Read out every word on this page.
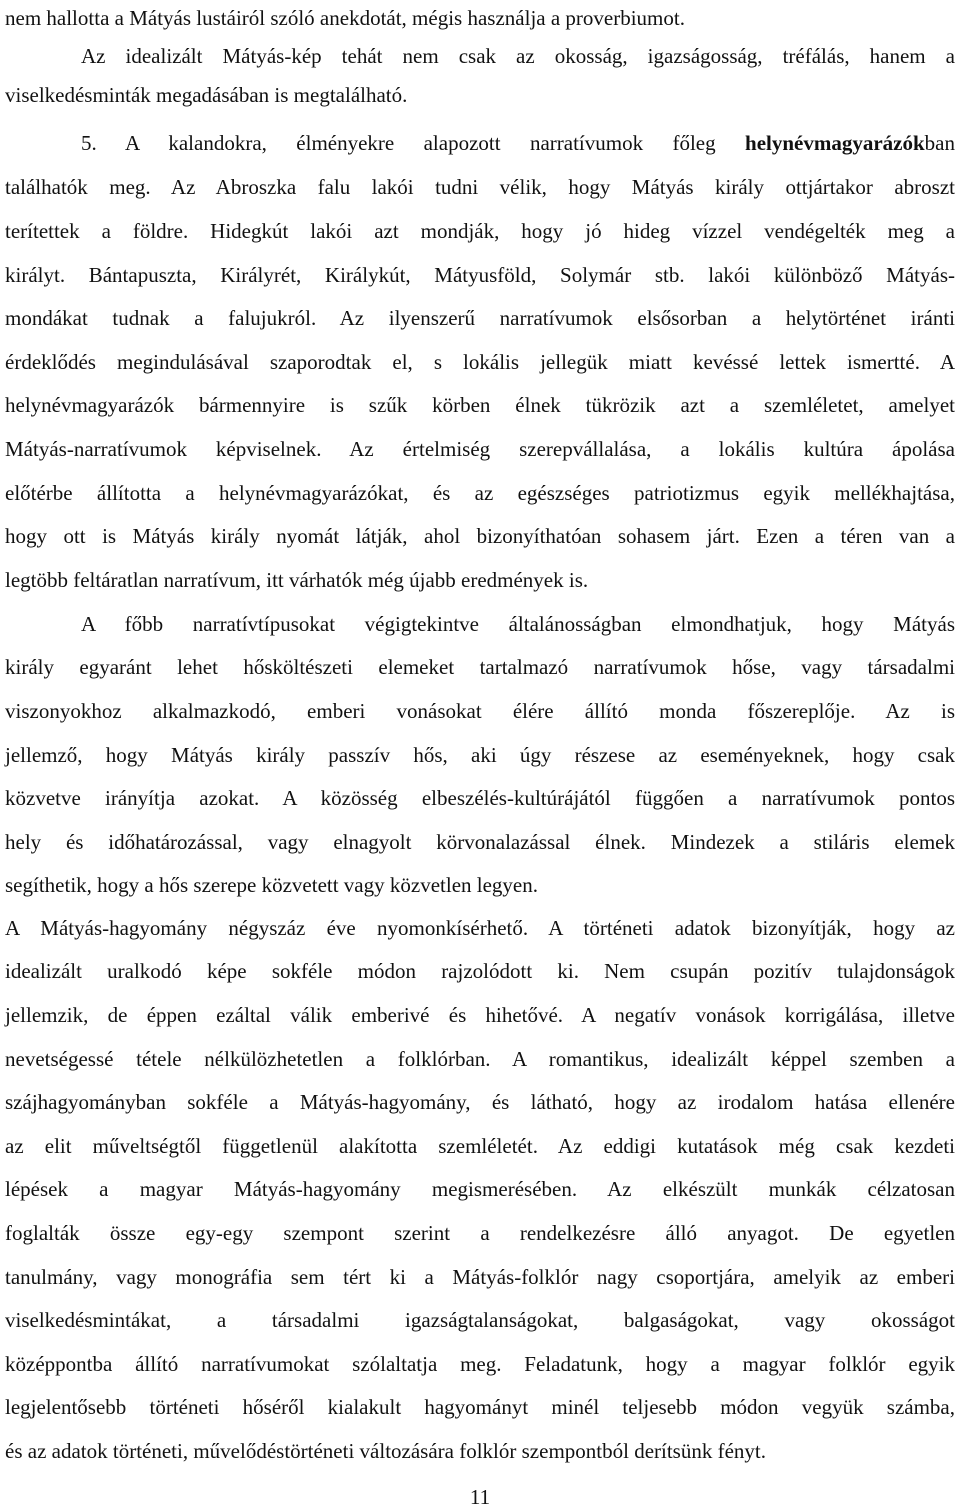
nem hallotta a Mátyás lustáiról szóló anekdotát, mégis használja a proverbiumot.
Az idealizált Mátyás-kép tehát nem csak az okosság, igazságosság, tréfálás, hanem a
viselkedésminták megadásában is megtalálható.
5. A kalandokra, élményekre alapozott narratívumok főleg helynévmagyarázókban
találhatók meg. Az Abroszka falu lakói tudni vélik, hogy Mátyás király ottjártakor abroszt
terítettek a földre. Hidegkút lakói azt mondják, hogy jó hideg vízzel vendégelték meg a
királyt. Bántapuszta, Királyrét, Királykút, Mátyusföld, Solymár stb. lakói különböző Mátyás-
mondákat tudnak a falujukról. Az ilyenszerű narratívumok elsősorban a helytörténet iránti
érdeklődés megindulásával szaporodtak el, s lokális jellegük miatt kevéssé lettek ismertté. A
helynévmagyarázók bármennyire is szűk körben élnek tükrözik azt a szemléletet, amelyet
Mátyás-narratívumok képviselnek. Az értelmiség szerepvállalása, a lokális kultúra ápolása
előtérbe állította a helynévmagyarázókat, és az egészséges patriotizmus egyik mellékhajtása,
hogy ott is Mátyás király nyomát látják, ahol bizonyíthatóan sohasem járt. Ezen a téren van a
legtöbb feltáratlan narratívum, itt várhatók még újabb eredmények is.
A főbb narratívtípusokat végigtekintve általánosságban elmondhatjuk, hogy Mátyás
király egyaránt lehet hősköltészeti elemeket tartalmazó narratívumok hőse, vagy társadalmi
viszonyokhoz alkalmazkodó, emberi vonásokat élére állító monda főszereplője. Az is
jellemző, hogy Mátyás király passzív hős, aki úgy részese az eseményeknek, hogy csak
közvetve irányítja azokat. A közösség elbeszélés-kultúrájától függően a narratívumok pontos
hely és időhatározással, vagy elnagyolt körvonalazással élnek. Mindezek a stiláris elemek
segíthetik, hogy a hős szerepe közvetett vagy közvetlen legyen.
A Mátyás-hagyomány négyszáz éve nyomonkísérhető. A történeti adatok bizonyítják, hogy az
idealizált uralkodó képe sokféle módon rajzolódott ki. Nem csupán pozitív tulajdonságok
jellemzik, de éppen ezáltal válik emberivé és hihetővé. A negatív vonások korrigálása, illetve
nevetségessé tétele nélkülözhetetlen a folklórban. A romantikus, idealizált képpel szemben a
szájhagyományban sokféle a Mátyás-hagyomány, és látható, hogy az irodalom hatása ellenére
az elit műveltségtől függetlenül alakította szemléletét. Az eddigi kutatások még csak kezdeti
lépések a magyar Mátyás-hagyomány megismerésében. Az elkészült munkák célzatosan
foglalták össze egy-egy szempont szerint a rendelkezésre álló anyagot. De egyetlen
tanulmány, vagy monográfia sem tért ki a Mátyás-folklór nagy csoportjára, amelyik az emberi
viselkedésmintákat, a társadalmi igazságtalanságokat, balgaságokat, vagy okosságot
középpontba állító narratívumokat szólaltatja meg. Feladatunk, hogy a magyar folklór egyik
legjelentősebb történeti hőséről kialakult hagyományt minél teljesebb módon vegyük számba,
és az adatok történeti, művelődéstörténeti változására folklór szempontból derítsünk fényt.
11
